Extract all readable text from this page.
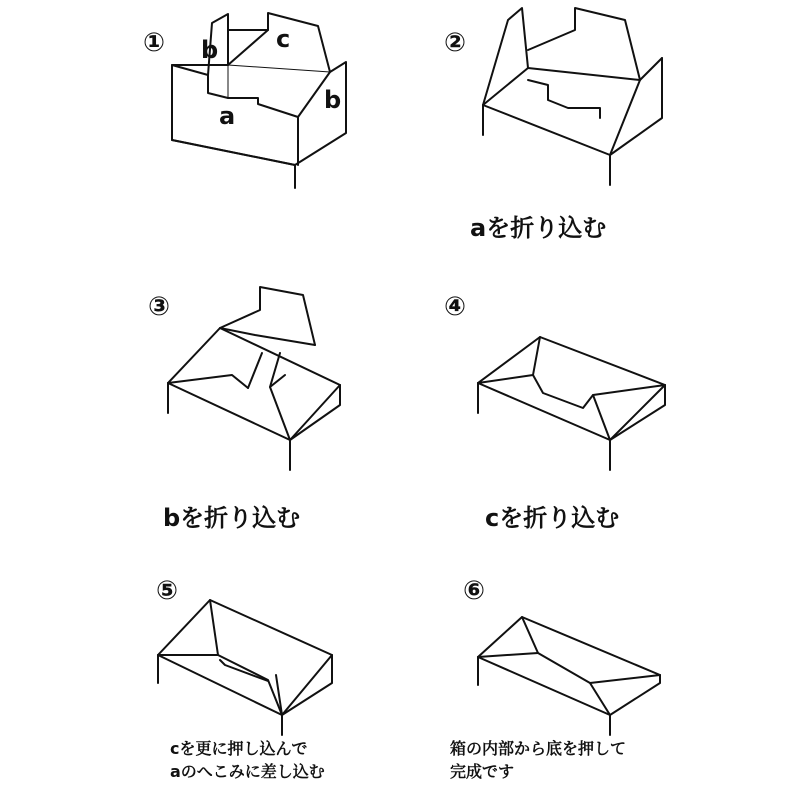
①
a
b c
b
②
aを折り込む
③
bを折り込む
④
cを折り込む
⑤
cを更に押し込んで
aのへこみに差し込む
⑥
箱の内部から底を押して
完成です
